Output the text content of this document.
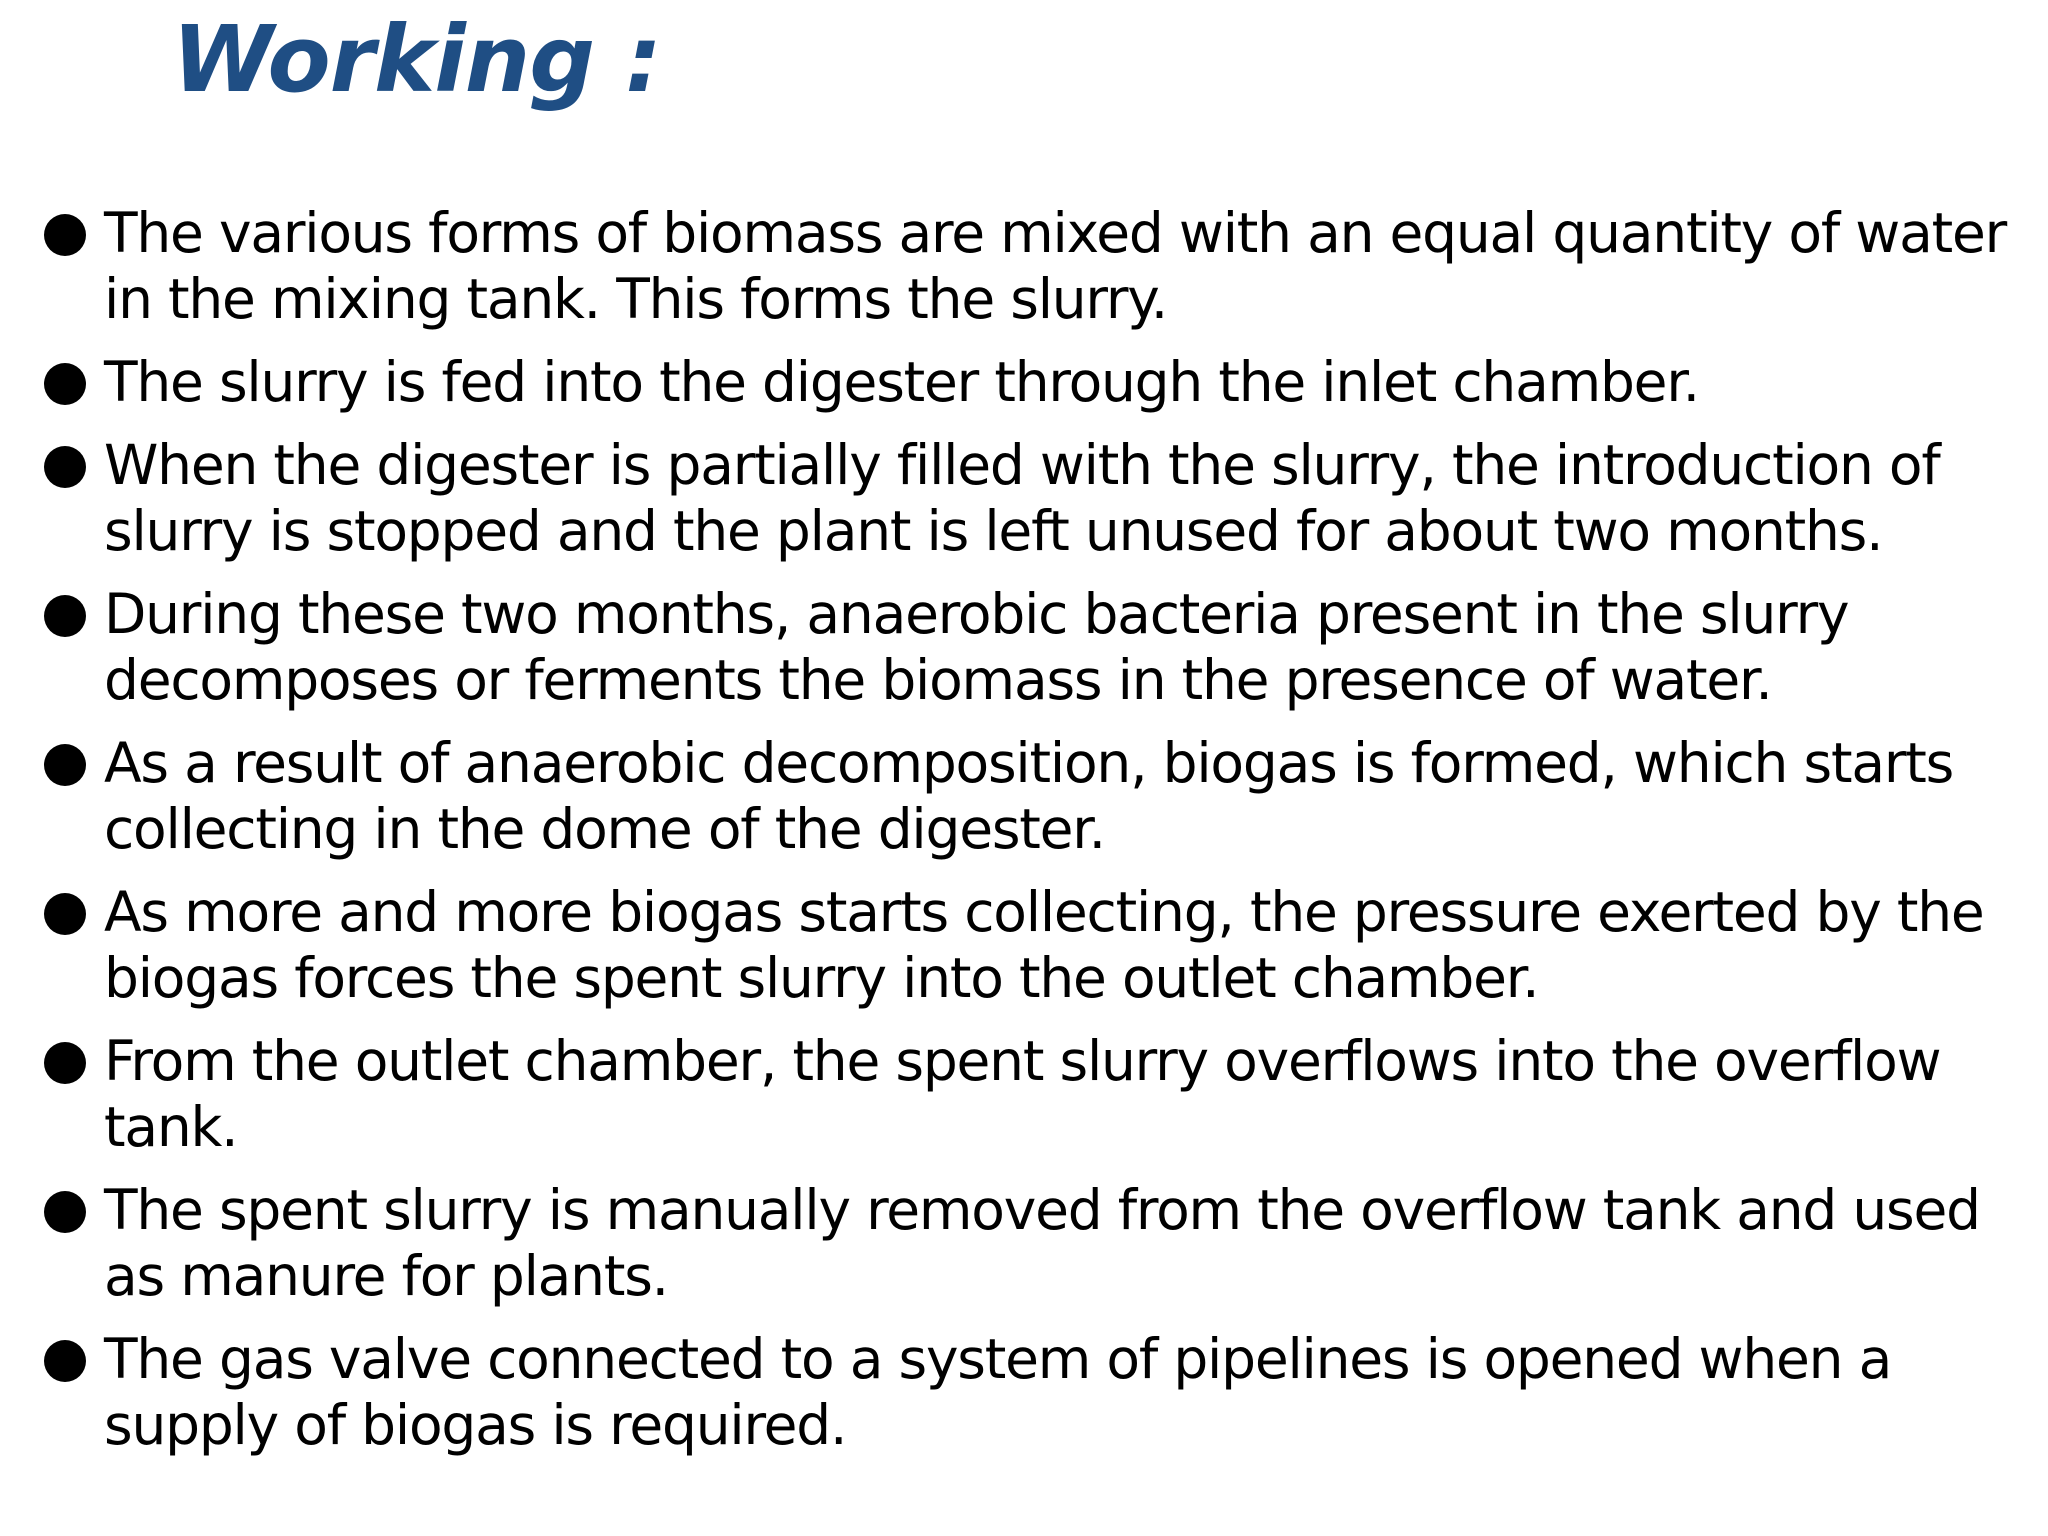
Working :
The various forms of biomass are mixed with an equal quantity of water in the mixing tank. This forms the slurry.
The slurry is fed into the digester through the inlet chamber.
When the digester is partially filled with the slurry, the introduction of slurry is stopped and the plant is left unused for about two months.
During these two months, anaerobic bacteria present in the slurry decomposes or ferments the biomass in the presence of water.
As a result of anaerobic decomposition, biogas is formed, which starts collecting in the dome of the digester.
As more and more biogas starts collecting, the pressure exerted by the biogas forces the spent slurry into the outlet chamber.
From the outlet chamber, the spent slurry overflows into the overflow tank.
The spent slurry is manually removed from the overflow tank and used as manure for plants.
The gas valve connected to a system of pipelines is opened when a supply of biogas is required.
